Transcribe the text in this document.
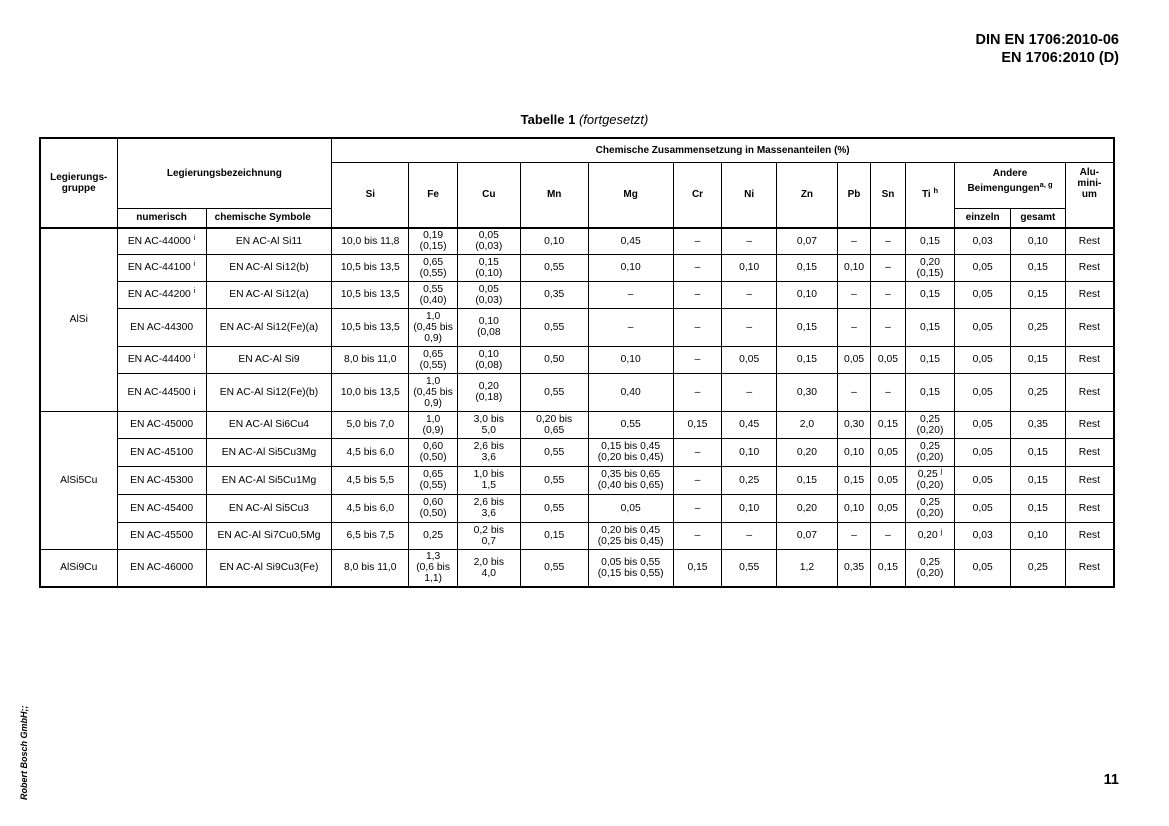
DIN EN 1706:2010-06
EN 1706:2010 (D)
Tabelle 1 (fortgesetzt)
Legierungs-
gruppe	Legierungsbezeichnung		Chemische Zusammensetzung in Massenanteilen (%)													
			Si	Fe	Cu	Mn	Mg	Cr	Ni	Zn	Pb	Sn	Ti $^h$	Andere Beimengungen$^{a, g}$		Alu-
mini-
um
	numerisch	chemische Symbole												einzeln	gesamt	
AlSi	EN AC-44000 $^i$	EN AC-Al Si11	10,0 bis 11,8	0,19
(0,15)	0,05
(0,03)	0,10	0,45	–	–	0,07	–	–	0,15	0,03	0,10	Rest
	EN AC-44100 $^i$	EN AC-Al Si12(b)	10,5 bis 13,5	0,65
(0,55)	0,15
(0,10)	0,55	0,10	–	0,10	0,15	0,10	–	0,20
(0,15)	0,05	0,15	Rest
	EN AC-44200 $^i$	EN AC-Al Si12(a)	10,5 bis 13,5	0,55
(0,40)	0,05
(0,03)	0,35	–	–	–	0,10	–	–	0,15	0,05	0,15	Rest
	EN AC-44300	EN AC-Al Si12(Fe)(a)	10,5 bis 13,5	1,0
(0,45 bis
0,9)	0,10
(0,08	0,55	–	–	–	0,15	–	–	0,15	0,05	0,25	Rest
	EN AC-44400 $^i$	EN AC-Al Si9	8,0 bis 11,0	0,65
(0,55)	0,10
(0,08)	0,50	0,10	–	0,05	0,15	0,05	0,05	0,15	0,05	0,15	Rest
	EN AC-44500 i	EN AC-Al Si12(Fe)(b)	10,0 bis 13,5	1,0
(0,45 bis
0,9)	0,20
(0,18)	0,55	0,40	–	–	0,30	–	–	0,15	0,05	0,25	Rest
AlSi5Cu	EN AC-45000	EN AC-Al Si6Cu4	5,0 bis 7,0	1,0
(0,9)	3,0 bis
5,0	0,20 bis
0,65	0,55	0,15	0,45	2,0	0,30	0,15	0,25
(0,20)	0,05	0,35	Rest
	EN AC-45100	EN AC-Al Si5Cu3Mg	4,5 bis 6,0	0,60
(0,50)	2,6 bis
3,6	0,55	0,15 bis 0,45
(0,20 bis 0,45)	–	0,10	0,20	0,10	0,05	0,25
(0,20)	0,05	0,15	Rest
	EN AC-45300	EN AC-Al Si5Cu1Mg	4,5 bis 5,5	0,65
(0,55)	1,0 bis
1,5	0,55	0,35 bis 0,65
(0,40 bis 0,65)	–	0,25	0,15	0,15	0,05	0,25 $^j$
(0,20)	0,05	0,15	Rest
	EN AC-45400	EN AC-Al Si5Cu3	4,5 bis 6,0	0,60
(0,50)	2,6 bis
3,6	0,55	0,05	–	0,10	0,20	0,10	0,05	0,25
(0,20)	0,05	0,15	Rest
	EN AC-45500	EN AC-Al Si7Cu0,5Mg	6,5 bis 7,5	0,25	0,2 bis
0,7	0,15	0,20 bis 0,45
(0,25 bis 0,45)	–	–	0,07	–	–	0,20 $^j$	0,03	0,10	Rest
AlSi9Cu	EN AC-46000	EN AC-Al Si9Cu3(Fe)	8,0 bis 11,0	1,3
(0,6 bis
1,1)	2,0 bis
4,0	0,55	0,05 bis 0,55
(0,15 bis 0,55)	0,15	0,55	1,2	0,35	0,15	0,25
(0,20)	0,05	0,25	Rest
Robert Bosch GmbH;;	11
